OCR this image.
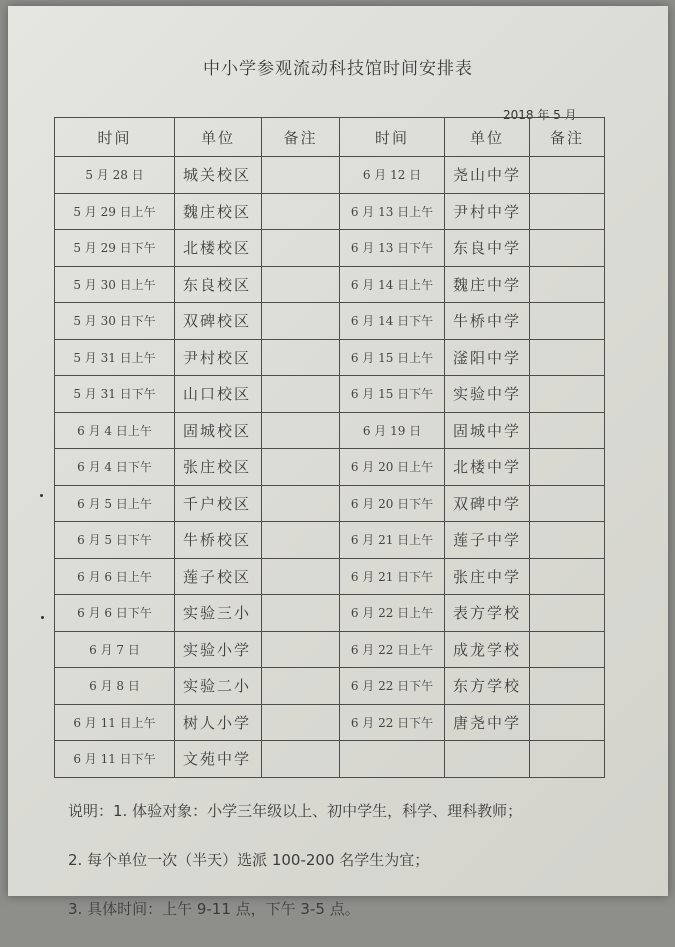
中小学参观流动科技馆时间安排表
2018 年 5 月
时间	单位	备注	时间	单位	备注
5 月 28 日	城关校区		6 月 12 日	尧山中学	
5 月 29 日上午	魏庄校区		6 月 13 日上午	尹村中学	
5 月 29 日下午	北楼校区		6 月 13 日下午	东良中学	
5 月 30 日上午	东良校区		6 月 14 日上午	魏庄中学	
5 月 30 日下午	双碑校区		6 月 14 日下午	牛桥中学	
5 月 31 日上午	尹村校区		6 月 15 日上午	滏阳中学	
5 月 31 日下午	山口校区		6 月 15 日下午	实验中学	
6 月 4 日上午	固城校区		6 月 19 日	固城中学	
6 月 4 日下午	张庄校区		6 月 20 日上午	北楼中学	
6 月 5 日上午	千户校区		6 月 20 日下午	双碑中学	
6 月 5 日下午	牛桥校区		6 月 21 日上午	莲子中学	
6 月 6 日上午	莲子校区		6 月 21 日下午	张庄中学	
6 月 6 日下午	实验三小		6 月 22 日上午	表方学校	
6 月 7 日	实验小学		6 月 22 日上午	成龙学校	
6 月 8 日	实验二小		6 月 22 日下午	东方学校	
6 月 11 日上午	树人小学		6 月 22 日下午	唐尧中学	
6 月 11 日下午	文苑中学				

说明：1. 体验对象：小学三年级以上、初中学生，科学、理科教师；

2. 每个单位一次（半天）选派 100-200 名学生为宜；

3. 具体时间：上午 9-11 点，下午 3-5 点。
